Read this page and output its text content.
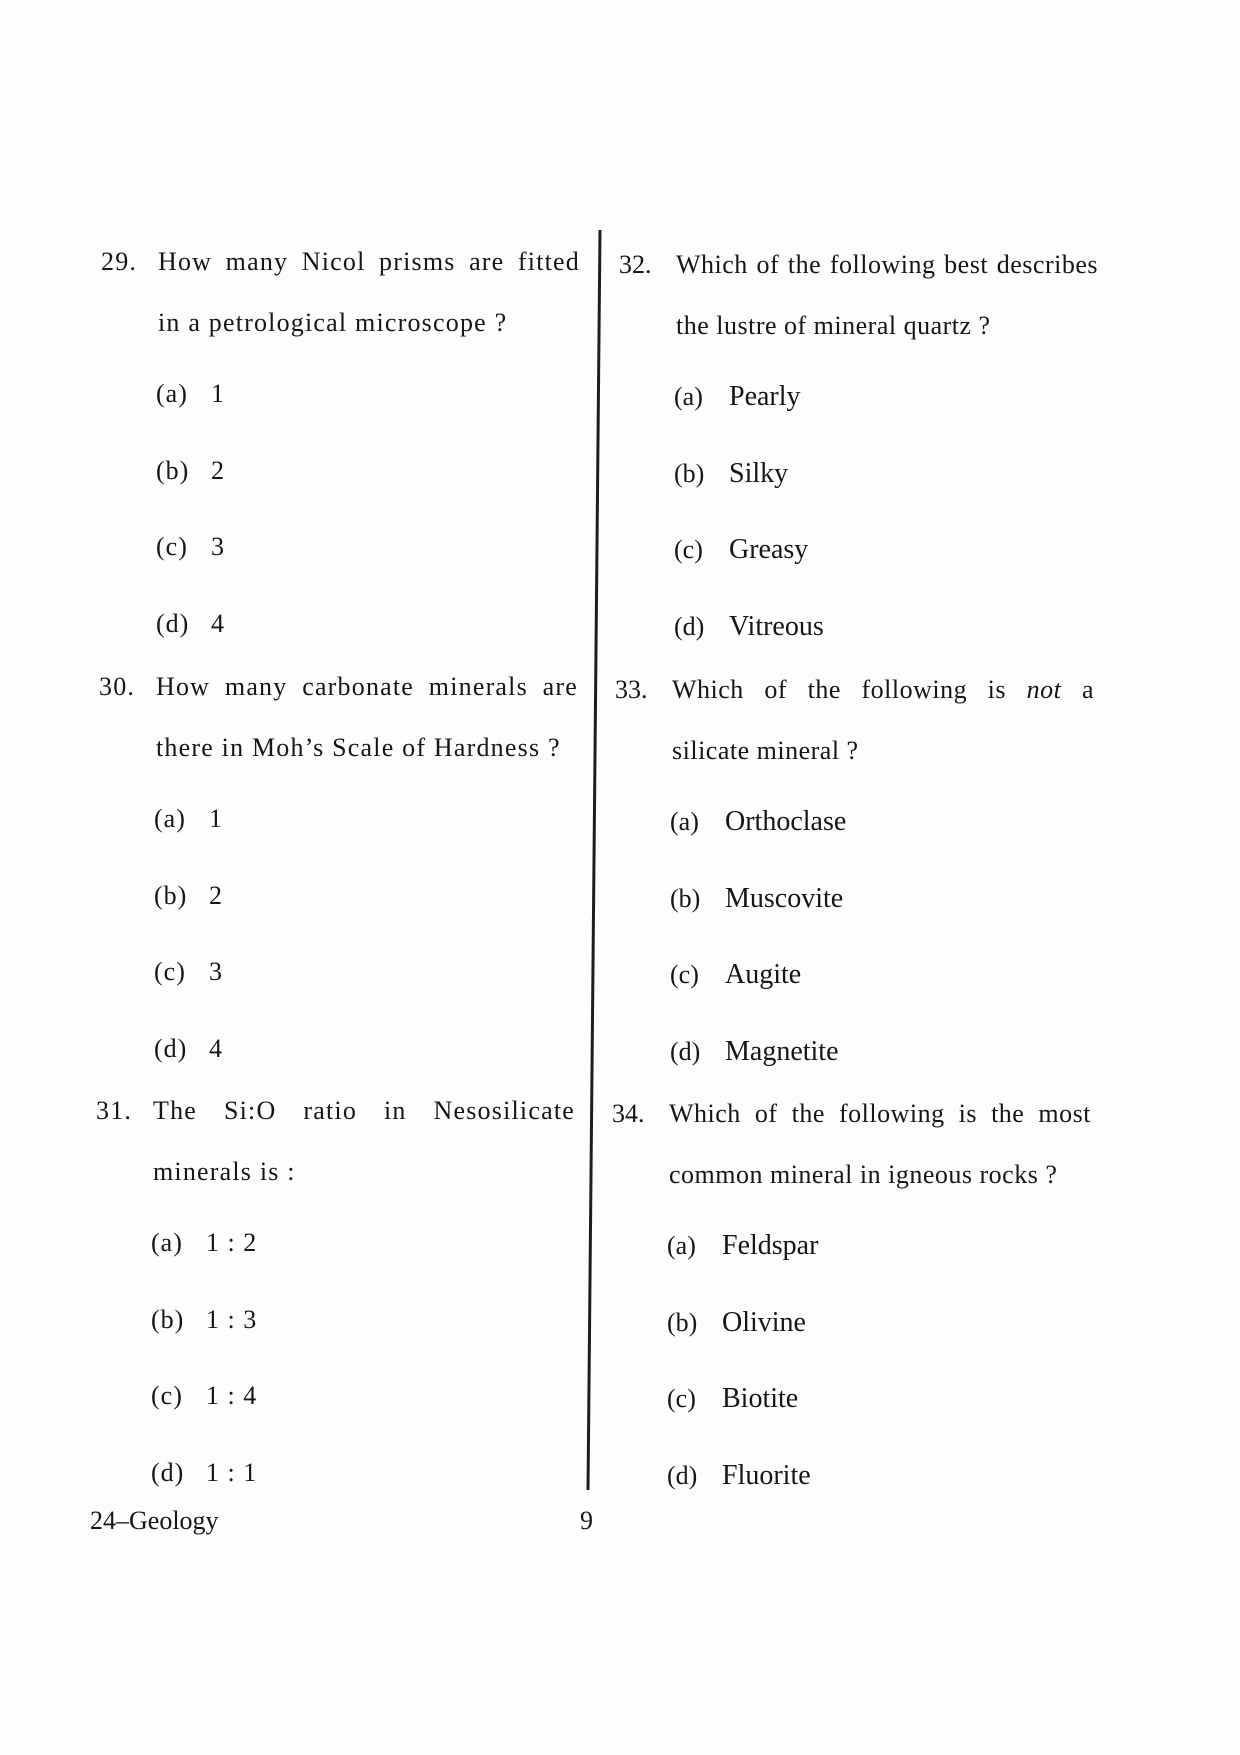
29. How many Nicol prisms are fitted
in a petrological microscope ?
(a) 1
(b) 2
(c) 3
(d) 4
30. How many carbonate minerals are
there in Moh’s Scale of Hardness ?
(a) 1
(b) 2
(c) 3
(d) 4
31. The Si:O ratio in Nesosilicate
minerals is :
(a) 1 : 2
(b) 1 : 3
(c) 1 : 4
(d) 1 : 1
32. Which of the following best describes
the lustre of mineral quartz ?
(a) Pearly
(b) Silky
(c) Greasy
(d) Vitreous
33. Which of the following is not a
silicate mineral ?
(a) Orthoclase
(b) Muscovite
(c) Augite
(d) Magnetite
34. Which of the following is the most
common mineral in igneous rocks ?
(a) Feldspar
(b) Olivine
(c) Biotite
(d) Fluorite
24–Geology	9
